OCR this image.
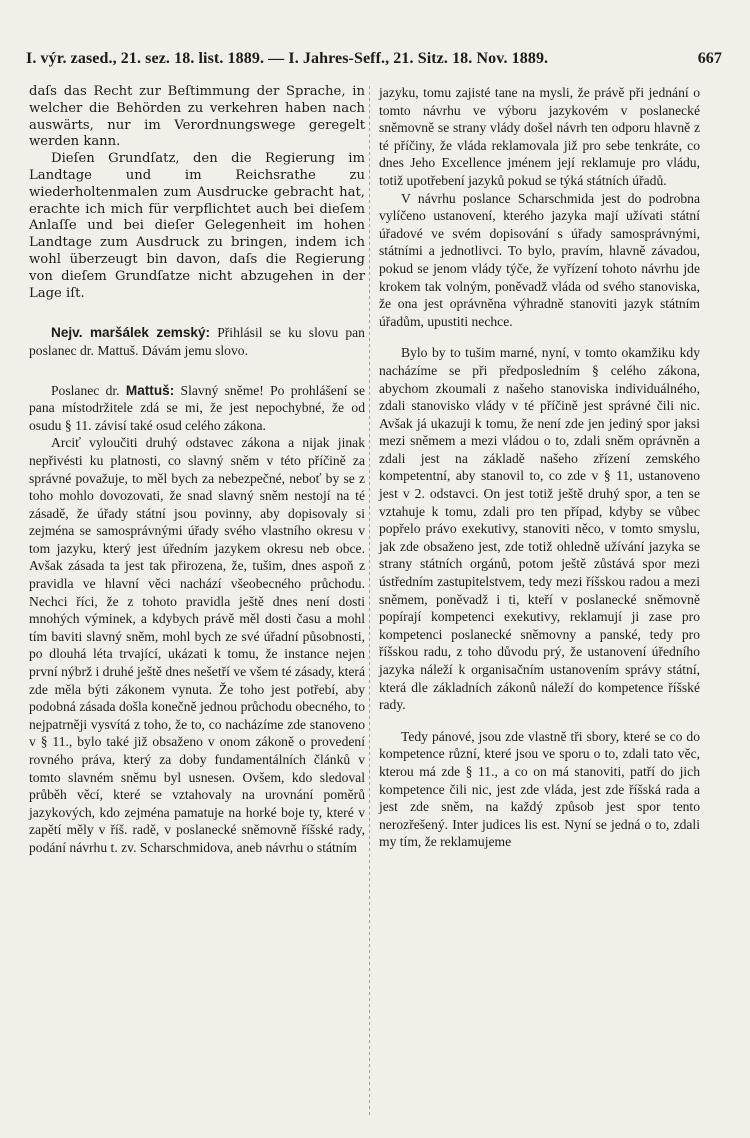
I. výr. zased., 21. sez. 18. list. 1889. — I. Jahres-Seff., 21. Sitz. 18. Nov. 1889.	667

daſs das Recht zur Beſtimmung der Sprache, in welcher die Behörden zu verkehren haben nach auswärts, nur im Verordnungswege geregelt werden kann.

Dieſen Grundſatz, den die Regierung im Landtage und im Reichsrathe zu wiederholtenmalen zum Ausdrucke gebracht hat, erachte ich mich für verpflichtet auch bei dieſem Anlaſſe und bei dieſer Gelegenheit im hohen Landtage zum Ausdruck zu bringen, indem ich wohl überzeugt bin davon, daſs die Regierung von dieſem Grundſatze nicht abzugehen in der Lage iſt.

Nejv. maršálek zemský: Přihlásil se ku slovu pan poslanec dr. Mattuš. Dávám jemu slovo.

Poslanec dr. Mattuš: Slavný sněme! Po prohlášení se pana místodržitele zdá se mi, že jest nepochybné, že od osudu § 11. závisí také osud celého zákona.

Arciť vyloučiti druhý odstavec zákona a nijak jinak nepřivésti ku platnosti, co slavný sněm v této příčině za správné považuje, to měl bych za nebezpečné, neboť by se z toho mohlo dovozovati, že snad slavný sněm nestojí na té zásadě, že úřady státní jsou povinny, aby dopisovaly si zejména se samosprávnými úřady svého vlastního okresu v tom jazyku, který jest úředním jazykem okresu neb obce. Avšak zásada ta jest tak přirozena, že, tušim, dnes aspoň z pravidla ve hlavní věci nachází všeobecného průchodu. Nechci říci, že z tohoto pravidla ještě dnes není dosti mnohých výminek, a kdybych právě měl dosti času a mohl tím baviti slavný sněm, mohl bych ze své úřadní působnosti, po dlouhá léta trvající, ukázati k tomu, že instance nejen první nýbrž i druhé ještě dnes nešetří ve všem té zásady, která zde měla býti zákonem vynuta. Že toho jest potřebí, aby podobná zásada došla konečně jednou průchodu obecného, to nejpatrněji vysvítá z toho, že to, co nacházíme zde stanoveno v § 11., bylo také již obsaženo v onom zákoně o provedení rovného práva, který za doby fundamentálních článků v tomto slavném sněmu byl usnesen. Ovšem, kdo sledoval průběh věcí, které se vztahovaly na urovnání poměrů jazykových, kdo zejména pamatuje na horké boje ty, které v zapětí měly v říš. radě, v poslanecké sněmovně říšské rady, podání návrhu t. zv. Scharschmidova, aneb návrhu o státním

jazyku, tomu zajisté tane na mysli, že právě při jednání o tomto návrhu ve výboru jazykovém v poslanecké sněmovně se strany vlády došel návrh ten odporu hlavně z té příčiny, že vláda reklamovala již pro sebe tenkráte, co dnes Jeho Excellence jménem její reklamuje pro vládu, totiž upotřebení jazyků pokud se týká státních úřadů.

V návrhu poslance Scharschmida jest do podrobna vylíčeno ustanovení, kterého jazyka mají užívati státní úřadové ve svém dopisování s úřady samosprávnými, státními a jednotlivci. To bylo, pravím, hlavně závadou, pokud se jenom vlády týče, že vyřízení tohoto návrhu jde krokem tak volným, poněvadž vláda od svého stanoviska, že ona jest oprávněna výhradně stanoviti jazyk státním úřadům, upustiti nechce.

Bylo by to tušim marné, nyní, v tomto okamžiku kdy nacházíme se při předposledním § celého zákona, abychom zkoumali z našeho stanoviska individuálného, zdali stanovisko vlády v té příčině jest správné čili nic. Avšak já ukazuji k tomu, že není zde jen jediný spor jaksi mezi sněmem a mezi vládou o to, zdali sněm oprávněn a zdali jest na základě našeho zřízení zemského kompetentní, aby stanovil to, co zde v § 11, ustanoveno jest v 2. odstavci. On jest totiž ještě druhý spor, a ten se vztahuje k tomu, zdali pro ten případ, kdyby se vůbec popřelo právo exekutivy, stanoviti něco, v tomto smyslu, jak zde obsaženo jest, zde totiž ohledně užívání jazyka se strany státních orgánů, potom ještě zůstává spor mezi ústředním zastupitelstvem, tedy mezi říšskou radou a mezi sněmem, poněvadž i ti, kteří v poslanecké sněmovně popírají kompetenci exekutivy, reklamují ji zase pro kompetenci poslanecké sněmovny a panské, tedy pro říšskou radu, z toho důvodu prý, že ustanovení úředního jazyka náleží k organisačním ustanovením správy státní, která dle základních zákonů náleží do kompetence říšské rady.

Tedy pánové, jsou zde vlastně tři sbory, které se co do kompetence různí, které jsou ve sporu o to, zdali tato věc, kterou má zde § 11., a co on má stanoviti, patří do jich kompetence čili nic, jest zde vláda, jest zde říšská rada a jest zde sněm, na každý způsob jest spor tento nerozřešený. Inter judices lis est. Nyní se jedná o to, zdali my tím, že reklamujeme
